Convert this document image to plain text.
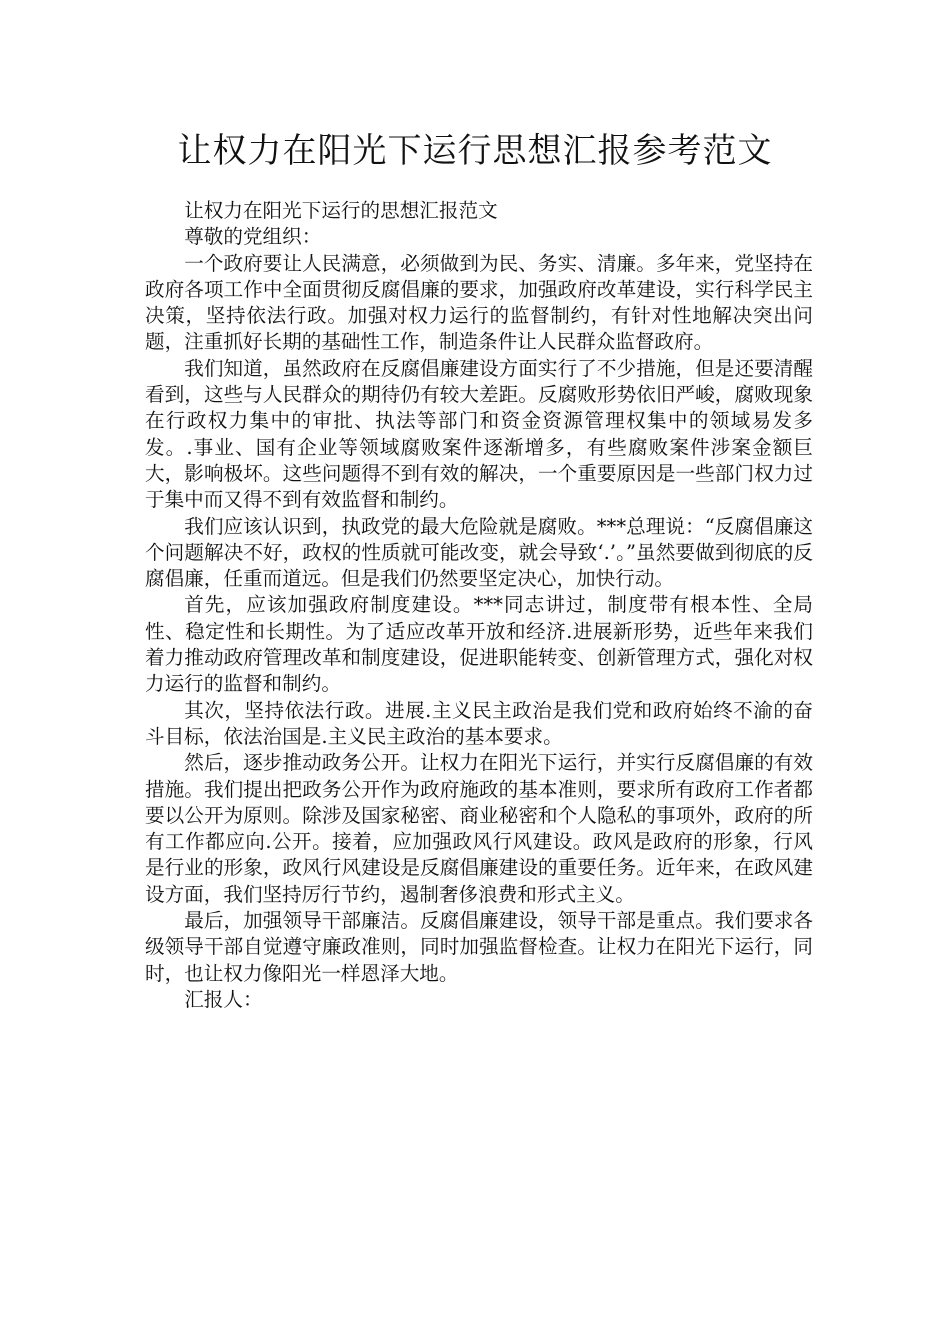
让权力在阳光下运行思想汇报参考范文

让权力在阳光下运行的思想汇报范文

尊敬的党组织：

一个政府要让人民满意，必须做到为民、务实、清廉。多年来，党坚持在政府各项工作中全面贯彻反腐倡廉的要求，加强政府改革建设，实行科学民主决策，坚持依法行政。加强对权力运行的监督制约，有针对性地解决突出问题，注重抓好长期的基础性工作，制造条件让人民群众监督政府。

我们知道，虽然政府在反腐倡廉建设方面实行了不少措施，但是还要清醒看到，这些与人民群众的期待仍有较大差距。反腐败形势依旧严峻，腐败现象在行政权力集中的审批、执法等部门和资金资源管理权集中的领域易发多发。.事业、国有企业等领域腐败案件逐渐增多，有些腐败案件涉案金额巨大，影响极坏。这些问题得不到有效的解决，一个重要原因是一些部门权力过于集中而又得不到有效监督和制约。

我们应该认识到，执政党的最大危险就是腐败。***总理说：“反腐倡廉这个问题解决不好，政权的性质就可能改变，就会导致‘.’。”虽然要做到彻底的反腐倡廉，任重而道远。但是我们仍然要坚定决心，加快行动。

首先，应该加强政府制度建设。***同志讲过，制度带有根本性、全局性、稳定性和长期性。为了适应改革开放和经济.进展新形势，近些年来我们着力推动政府管理改革和制度建设，促进职能转变、创新管理方式，强化对权力运行的监督和制约。

其次，坚持依法行政。进展.主义民主政治是我们党和政府始终不渝的奋斗目标，依法治国是.主义民主政治的基本要求。

然后，逐步推动政务公开。让权力在阳光下运行，并实行反腐倡廉的有效措施。我们提出把政务公开作为政府施政的基本准则，要求所有政府工作者都要以公开为原则。除涉及国家秘密、商业秘密和个人隐私的事项外，政府的所有工作都应向.公开。接着，应加强政风行风建设。政风是政府的形象，行风是行业的形象，政风行风建设是反腐倡廉建设的重要任务。近年来，在政风建设方面，我们坚持厉行节约，遏制奢侈浪费和形式主义。

最后，加强领导干部廉洁。反腐倡廉建设，领导干部是重点。我们要求各级领导干部自觉遵守廉政准则，同时加强监督检查。让权力在阳光下运行，同时，也让权力像阳光一样恩泽大地。

汇报人：
